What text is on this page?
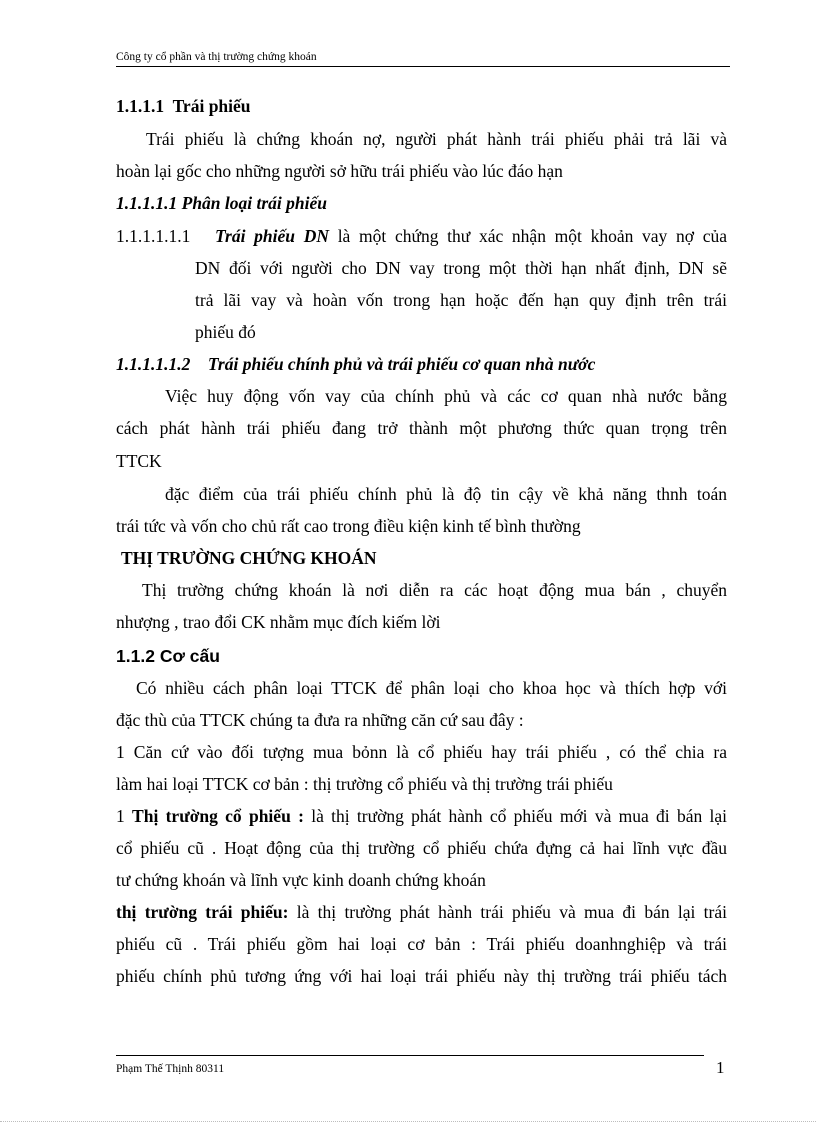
Công ty cổ phần và thị trường chứng khoán
1.1.1.1 Trái phiếu
Trái phiếu là chứng khoán nợ, người phát hành trái phiếu phải trả lãi và
hoàn lại gốc cho những người sở hữu trái phiếu vào lúc đáo hạn
1.1.1.1.1 Phân loại trái phiếu
1.1.1.1.1.1 Trái phiếu DN là một chứng thư xác nhận một khoản vay nợ của
DN đối với người cho DN vay trong một thời hạn nhất định, DN sẽ
trả lãi vay và hoàn vốn trong hạn hoặc đến hạn quy định trên trái
phiếu đó
1.1.1.1.1.2 Trái phiếu chính phủ và trái phiếu cơ quan nhà nước
Việc huy động vốn vay của chính phủ và các cơ quan nhà nước bằng
cách phát hành trái phiếu đang trở thành một phương thức quan trọng trên
TTCK
đặc điểm của trái phiếu chính phủ là độ tin cậy về khả năng thnh toán
trái tức và vốn cho chủ rất cao trong điều kiện kinh tế bình thường
THỊ TRƯỜNG CHỨNG KHOÁN
Thị trường chứng khoán là nơi diễn ra các hoạt động mua bán , chuyển
nhượng , trao đổi CK nhằm mục đích kiếm lời
1.1.2 Cơ cấu
Có nhiều cách phân loại TTCK để phân loại cho khoa học và thích hợp với
đặc thù của TTCK chúng ta đưa ra những căn cứ sau đây :
1 Căn cứ vào đối tượng mua bỏnn là cổ phiếu hay trái phiếu , có thể chia ra
làm hai loại TTCK cơ bản : thị trường cổ phiếu và thị trường trái phiếu
1 Thị trường cổ phiếu : là thị trường phát hành cổ phiếu mới và mua đi bán lại
cổ phiếu cũ . Hoạt động của thị trường cổ phiếu chứa đựng cả hai lĩnh vực đầu
tư chứng khoán và lĩnh vực kinh doanh chứng khoán
thị trường trái phiếu: là thị trường phát hành trái phiếu và mua đi bán lại trái
phiếu cũ . Trái phiếu gồm hai loại cơ bản : Trái phiếu doanhnghiệp và trái
phiếu chính phủ tương ứng với hai loại trái phiếu này thị trường trái phiếu tách
Phạm Thế Thịnh 80311	1
